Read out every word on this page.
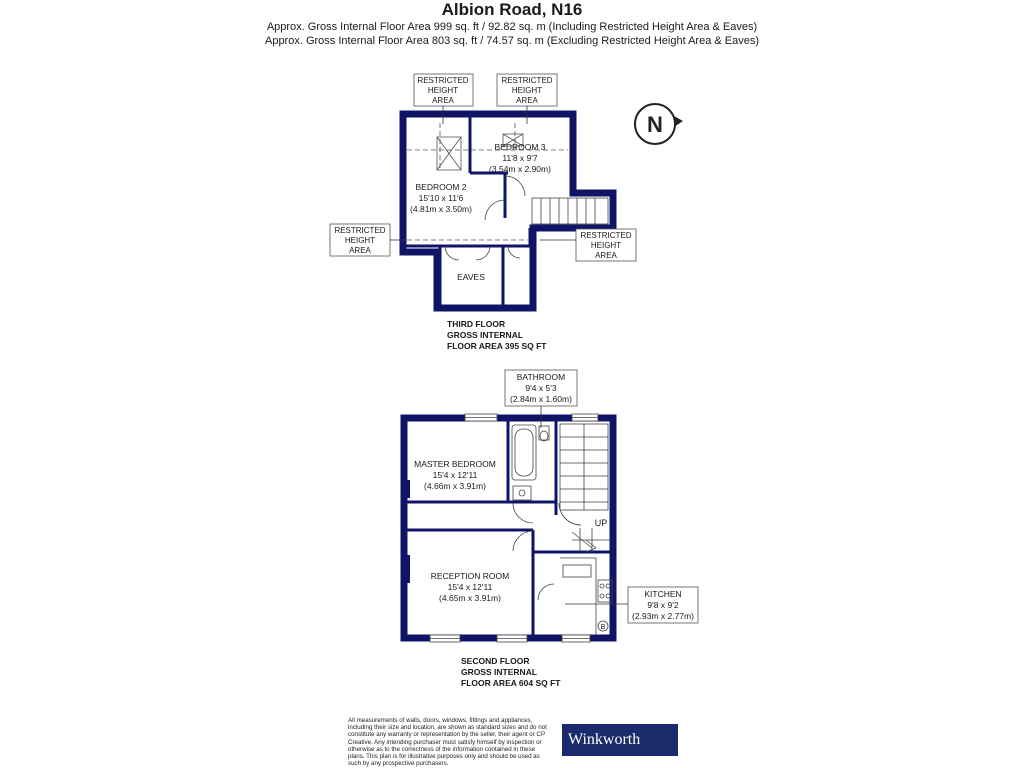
Albion Road, N16
Approx. Gross Internal Floor Area 999 sq. ft / 92.82 sq. m (Including Restricted Height Area & Eaves)
Approx. Gross Internal Floor Area 803 sq. ft / 74.57 sq. m (Excluding Restricted Height Area & Eaves)
BEDROOM 2
15'10 x 11'6
(4.81m x 3.50m)
BEDROOM 3
11'8 x 9'7
(3.54m x 2.90m)
EAVES
RESTRICTED
HEIGHT
AREA
RESTRICTED
HEIGHT
AREA
RESTRICTED
HEIGHT
AREA
RESTRICTED
HEIGHT
AREA
THIRD FLOOR
GROSS INTERNAL
FLOOR AREA 395 SQ FT
N
UP
B
MASTER BEDROOM
15'4 x 12'11
(4.66m x 3.91m)
RECEPTION ROOM
15'4 x 12'11
(4.65m x 3.91m)
BATHROOM
9'4 x 5'3
(2.84m x 1.60m)
KITCHEN
9'8 x 9'2
(2.93m x 2.77m)
SECOND FLOOR
GROSS INTERNAL
FLOOR AREA 604 SQ FT
All measurements of walls, doors, windows, fittings and appliances, including their size and location, are shown as standard sizes and do not constitute any warranty or representation by the seller, their agent or CP Creative. Any intending purchaser must satisfy himself by inspection or otherwise as to the correctness of the information contained in these plans. This plan is for illustrative purposes only and should be used as such by any prospective purchasers.
Winkworth
